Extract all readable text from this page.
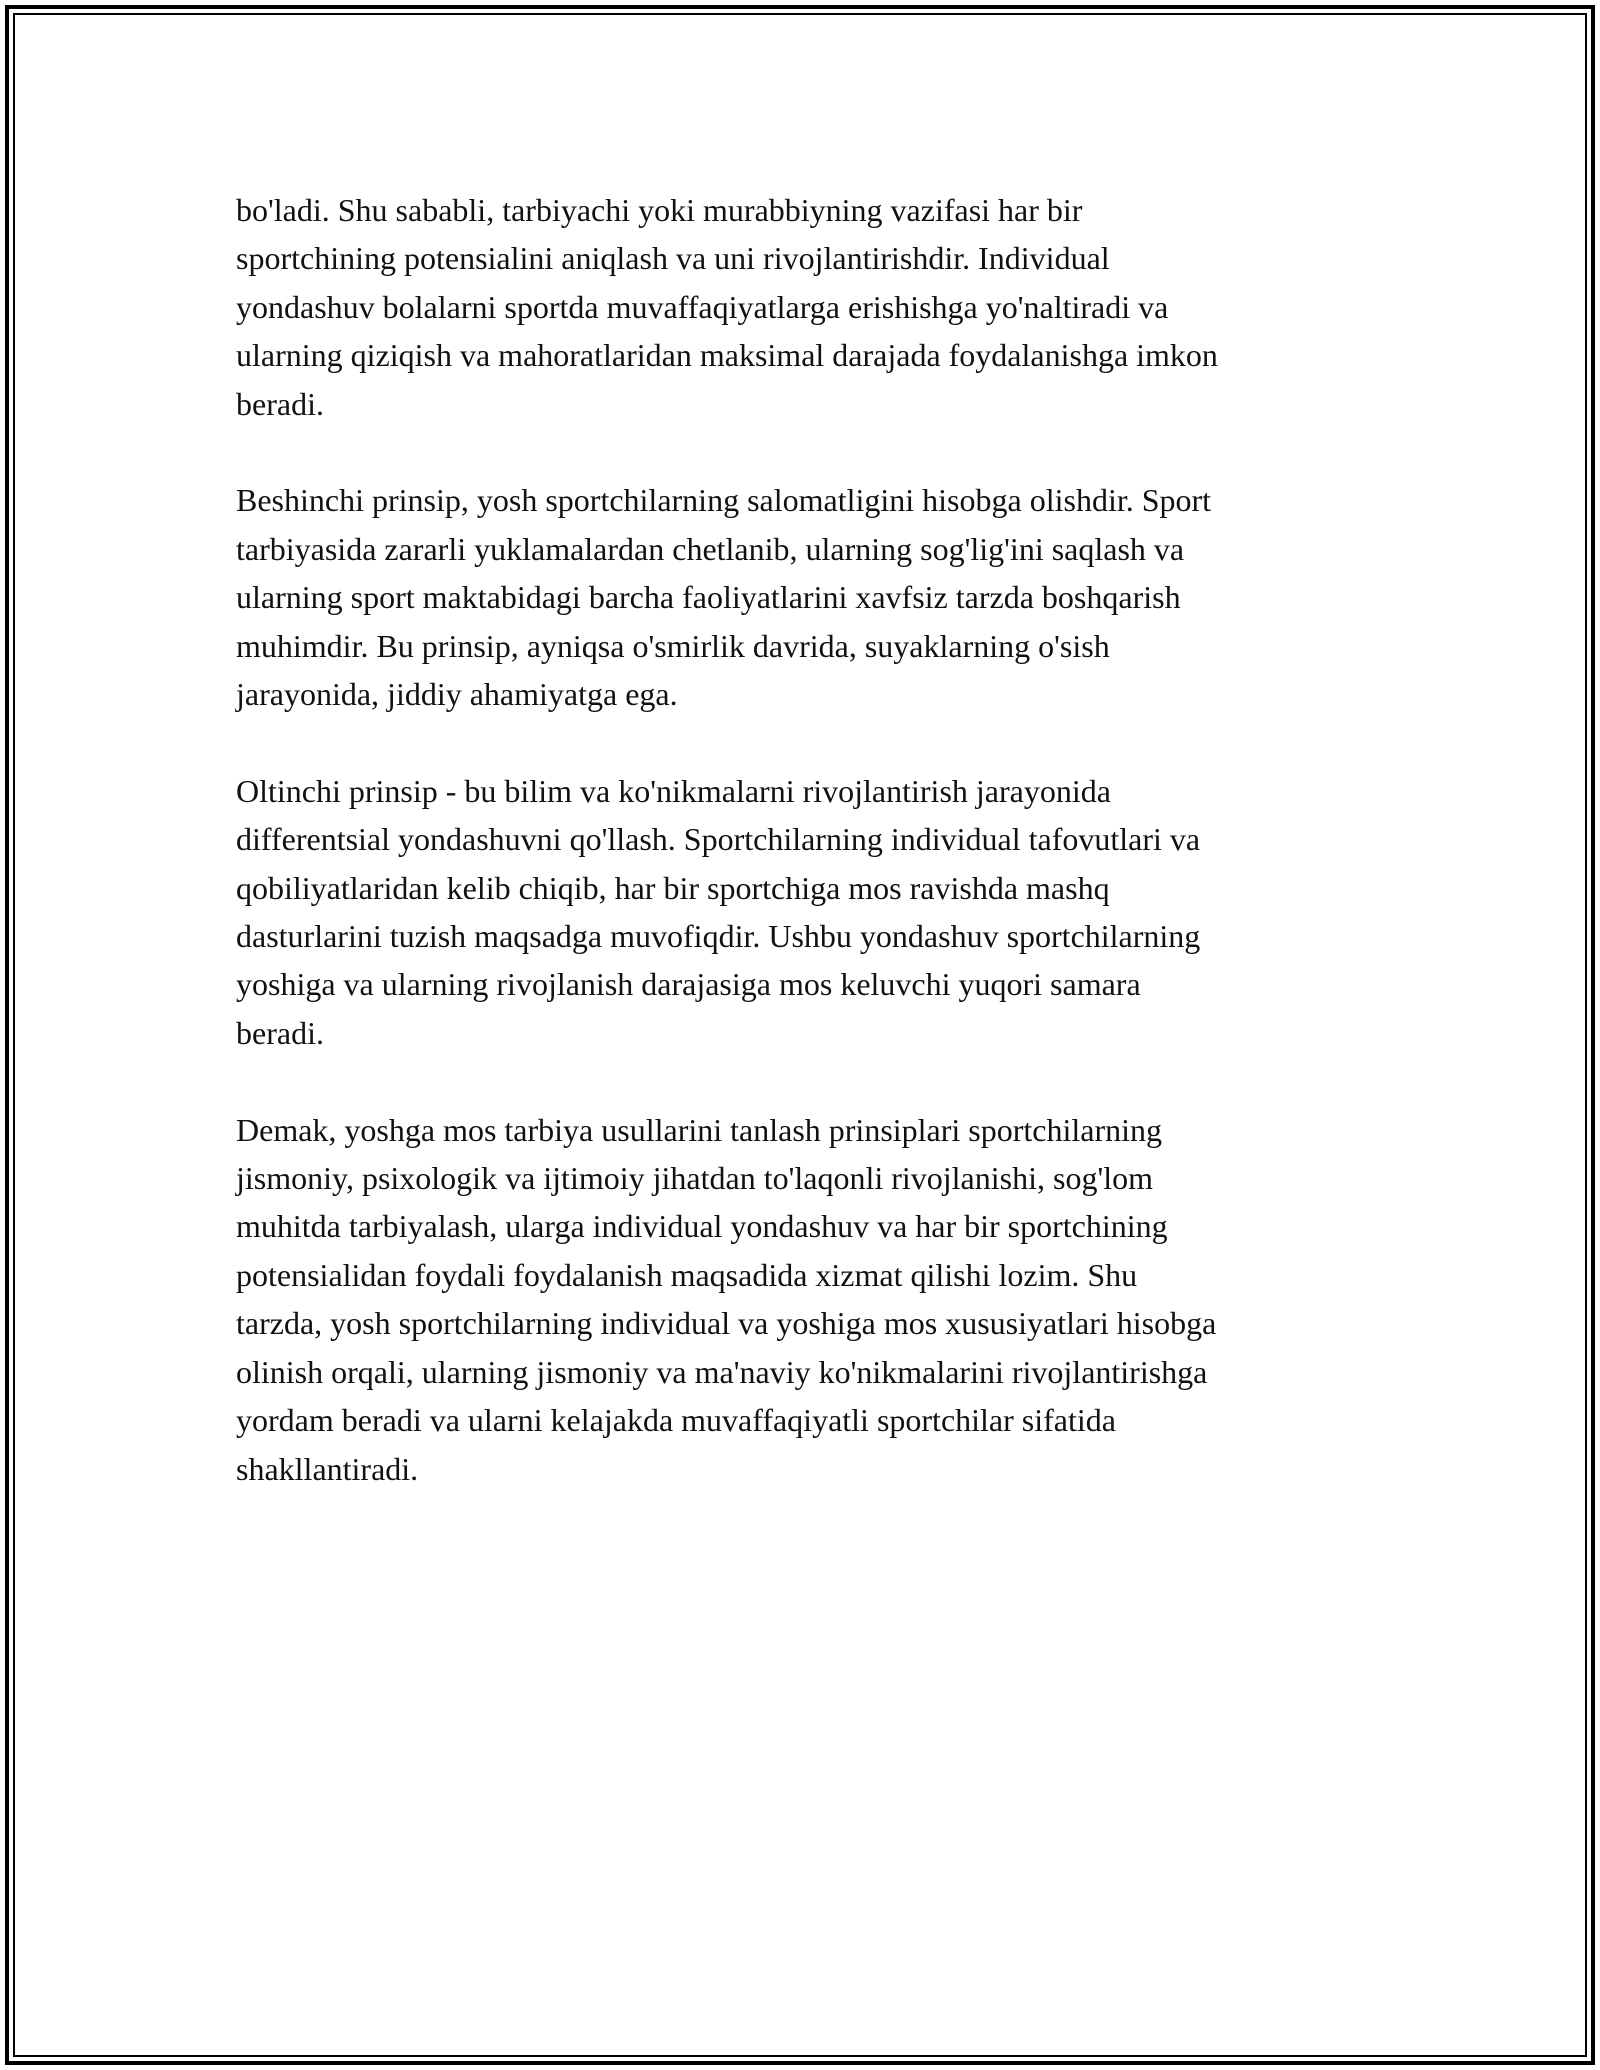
bo'ladi. Shu sababli, tarbiyachi yoki murabbiyning vazifasi har bir
sportchining potensialini aniqlash va uni rivojlantirishdir. Individual
yondashuv bolalarni sportda muvaffaqiyatlarga erishishga yo'naltiradi va
ularning qiziqish va mahoratlaridan maksimal darajada foydalanishga imkon
beradi.

Beshinchi prinsip, yosh sportchilarning salomatligini hisobga olishdir. Sport
tarbiyasida zararli yuklamalardan chetlanib, ularning sog'lig'ini saqlash va
ularning sport maktabidagi barcha faoliyatlarini xavfsiz tarzda boshqarish
muhimdir. Bu prinsip, ayniqsa o'smirlik davrida, suyaklarning o'sish
jarayonida, jiddiy ahamiyatga ega.

Oltinchi prinsip - bu bilim va ko'nikmalarni rivojlantirish jarayonida
differentsial yondashuvni qo'llash. Sportchilarning individual tafovutlari va
qobiliyatlaridan kelib chiqib, har bir sportchiga mos ravishda mashq
dasturlarini tuzish maqsadga muvofiqdir. Ushbu yondashuv sportchilarning
yoshiga va ularning rivojlanish darajasiga mos keluvchi yuqori samara
beradi.

Demak, yoshga mos tarbiya usullarini tanlash prinsiplari sportchilarning
jismoniy, psixologik va ijtimoiy jihatdan to'laqonli rivojlanishi, sog'lom
muhitda tarbiyalash, ularga individual yondashuv va har bir sportchining
potensialidan foydali foydalanish maqsadida xizmat qilishi lozim. Shu
tarzda, yosh sportchilarning individual va yoshiga mos xususiyatlari hisobga
olinish orqali, ularning jismoniy va ma'naviy ko'nikmalarini rivojlantirishga
yordam beradi va ularni kelajakda muvaffaqiyatli sportchilar sifatida
shakllantiradi.
